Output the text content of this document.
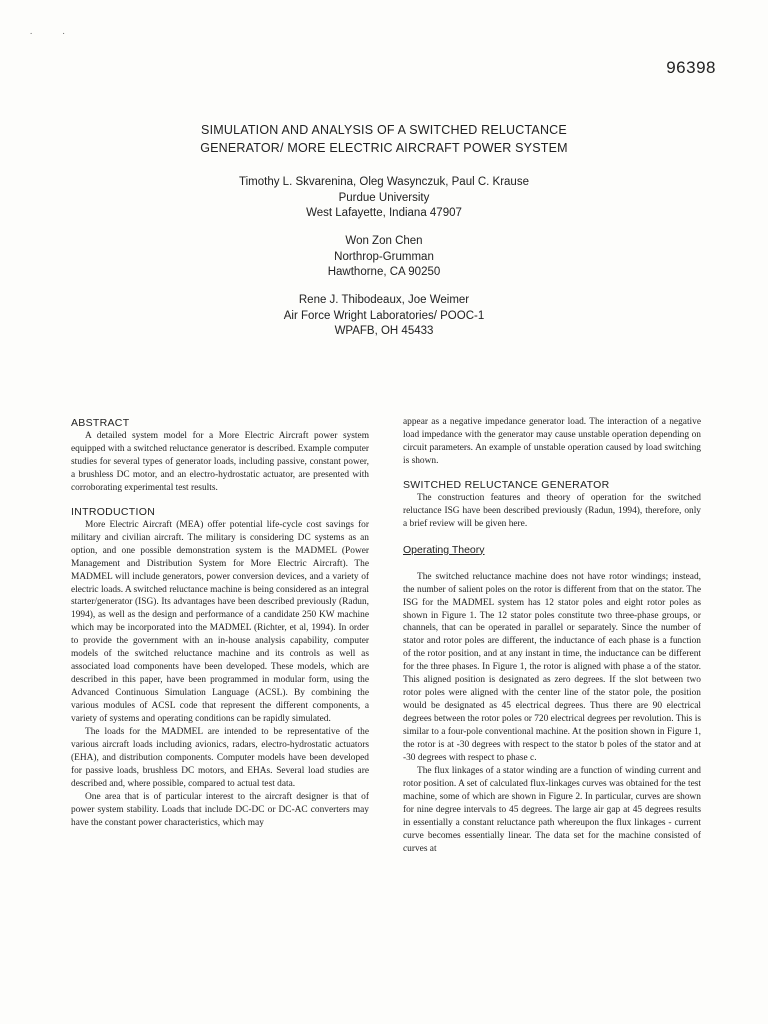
. .
96398
SIMULATION AND ANALYSIS OF A SWITCHED RELUCTANCE
GENERATOR/ MORE ELECTRIC AIRCRAFT POWER SYSTEM
Timothy L. Skvarenina, Oleg Wasynczuk, Paul C. Krause
Purdue University
West Lafayette, Indiana 47907
Won Zon Chen
Northrop-Grumman
Hawthorne, CA 90250
Rene J. Thibodeaux, Joe Weimer
Air Force Wright Laboratories/ POOC-1
WPAFB, OH 45433
ABSTRACT

A detailed system model for a More Electric Aircraft power system equipped with a switched reluctance generator is described. Example computer studies for several types of generator loads, including passive, constant power, a brushless DC motor, and an electro-hydrostatic actuator, are presented with corroborating experimental test results.

INTRODUCTION

More Electric Aircraft (MEA) offer potential life-cycle cost savings for military and civilian aircraft. The military is considering DC systems as an option, and one possible demonstration system is the MADMEL (Power Management and Distribution System for More Electric Aircraft). The MADMEL will include generators, power conversion devices, and a variety of electric loads. A switched reluctance machine is being considered as an integral starter/generator (ISG). Its advantages have been described previously (Radun, 1994), as well as the design and performance of a candidate 250 KW machine which may be incorporated into the MADMEL (Richter, et al, 1994). In order to provide the government with an in-house analysis capability, computer models of the switched reluctance machine and its controls as well as associated load components have been developed. These models, which are described in this paper, have been programmed in modular form, using the Advanced Continuous Simulation Language (ACSL). By combining the various modules of ACSL code that represent the different components, a variety of systems and operating conditions can be rapidly simulated.

The loads for the MADMEL are intended to be representative of the various aircraft loads including avionics, radars, electro-hydrostatic actuators (EHA), and distribution components. Computer models have been developed for passive loads, brushless DC motors, and EHAs. Several load studies are described and, where possible, compared to actual test data.

One area that is of particular interest to the aircraft designer is that of power system stability. Loads that include DC-DC or DC-AC converters may have the constant power characteristics, which may

appear as a negative impedance generator load. The interaction of a negative load impedance with the generator may cause unstable operation depending on circuit parameters. An example of unstable operation caused by load switching is shown.

SWITCHED RELUCTANCE GENERATOR

The construction features and theory of operation for the switched reluctance ISG have been described previously (Radun, 1994), therefore, only a brief review will be given here.

Operating Theory

The switched reluctance machine does not have rotor windings; instead, the number of salient poles on the rotor is different from that on the stator. The ISG for the MADMEL system has 12 stator poles and eight rotor poles as shown in Figure 1. The 12 stator poles constitute two three-phase groups, or channels, that can be operated in parallel or separately. Since the number of stator and rotor poles are different, the inductance of each phase is a function of the rotor position, and at any instant in time, the inductance can be different for the three phases. In Figure 1, the rotor is aligned with phase a of the stator. This aligned position is designated as zero degrees. If the slot between two rotor poles were aligned with the center line of the stator pole, the position would be designated as 45 electrical degrees. Thus there are 90 electrical degrees between the rotor poles or 720 electrical degrees per revolution. This is similar to a four-pole conventional machine. At the position shown in Figure 1, the rotor is at -30 degrees with respect to the stator b poles of the stator and at -30 degrees with respect to phase c.

The flux linkages of a stator winding are a function of winding current and rotor position. A set of calculated flux-linkages curves was obtained for the test machine, some of which are shown in Figure 2. In particular, curves are shown for nine degree intervals to 45 degrees. The large air gap at 45 degrees results in essentially a constant reluctance path whereupon the flux linkages - current curve becomes essentially linear. The data set for the machine consisted of curves at
